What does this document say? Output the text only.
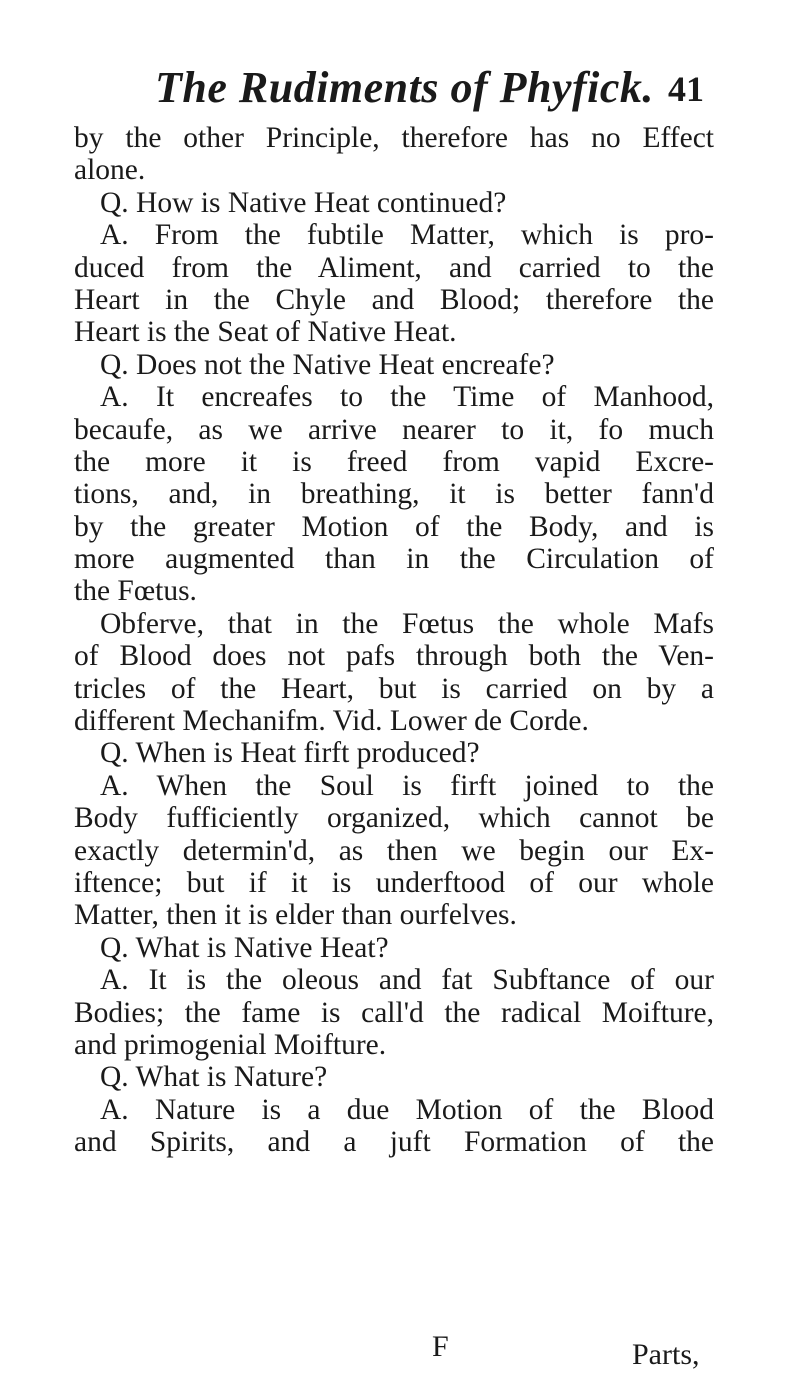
The Rudiments of Phyfick. 41
by the other Principle, therefore has no Effect
alone.
Q. How is Native Heat continued?
A. From the fubtile Matter, which is pro-
duced from the Aliment, and carried to the
Heart in the Chyle and Blood; therefore the
Heart is the Seat of Native Heat.
Q. Does not the Native Heat encreafe?
A. It encreafes to the Time of Manhood,
becaufe, as we arrive nearer to it, fo much
the more it is freed from vapid Excre-
tions, and, in breathing, it is better fann'd
by the greater Motion of the Body, and is
more augmented than in the Circulation of
the Fœtus.
Obferve, that in the Fœtus the whole Mafs
of Blood does not pafs through both the Ven-
tricles of the Heart, but is carried on by a
different Mechanifm. Vid. Lower de Corde.
Q. When is Heat firft produced?
A. When the Soul is firft joined to the
Body fufficiently organized, which cannot be
exactly determin'd, as then we begin our Ex-
iftence; but if it is underftood of our whole
Matter, then it is elder than ourfelves.
Q. What is Native Heat?
A. It is the oleous and fat Subftance of our
Bodies; the fame is call'd the radical Moifture,
and primogenial Moifture.
Q. What is Nature?
A. Nature is a due Motion of the Blood
and Spirits, and a juft Formation of the
F	Parts,
